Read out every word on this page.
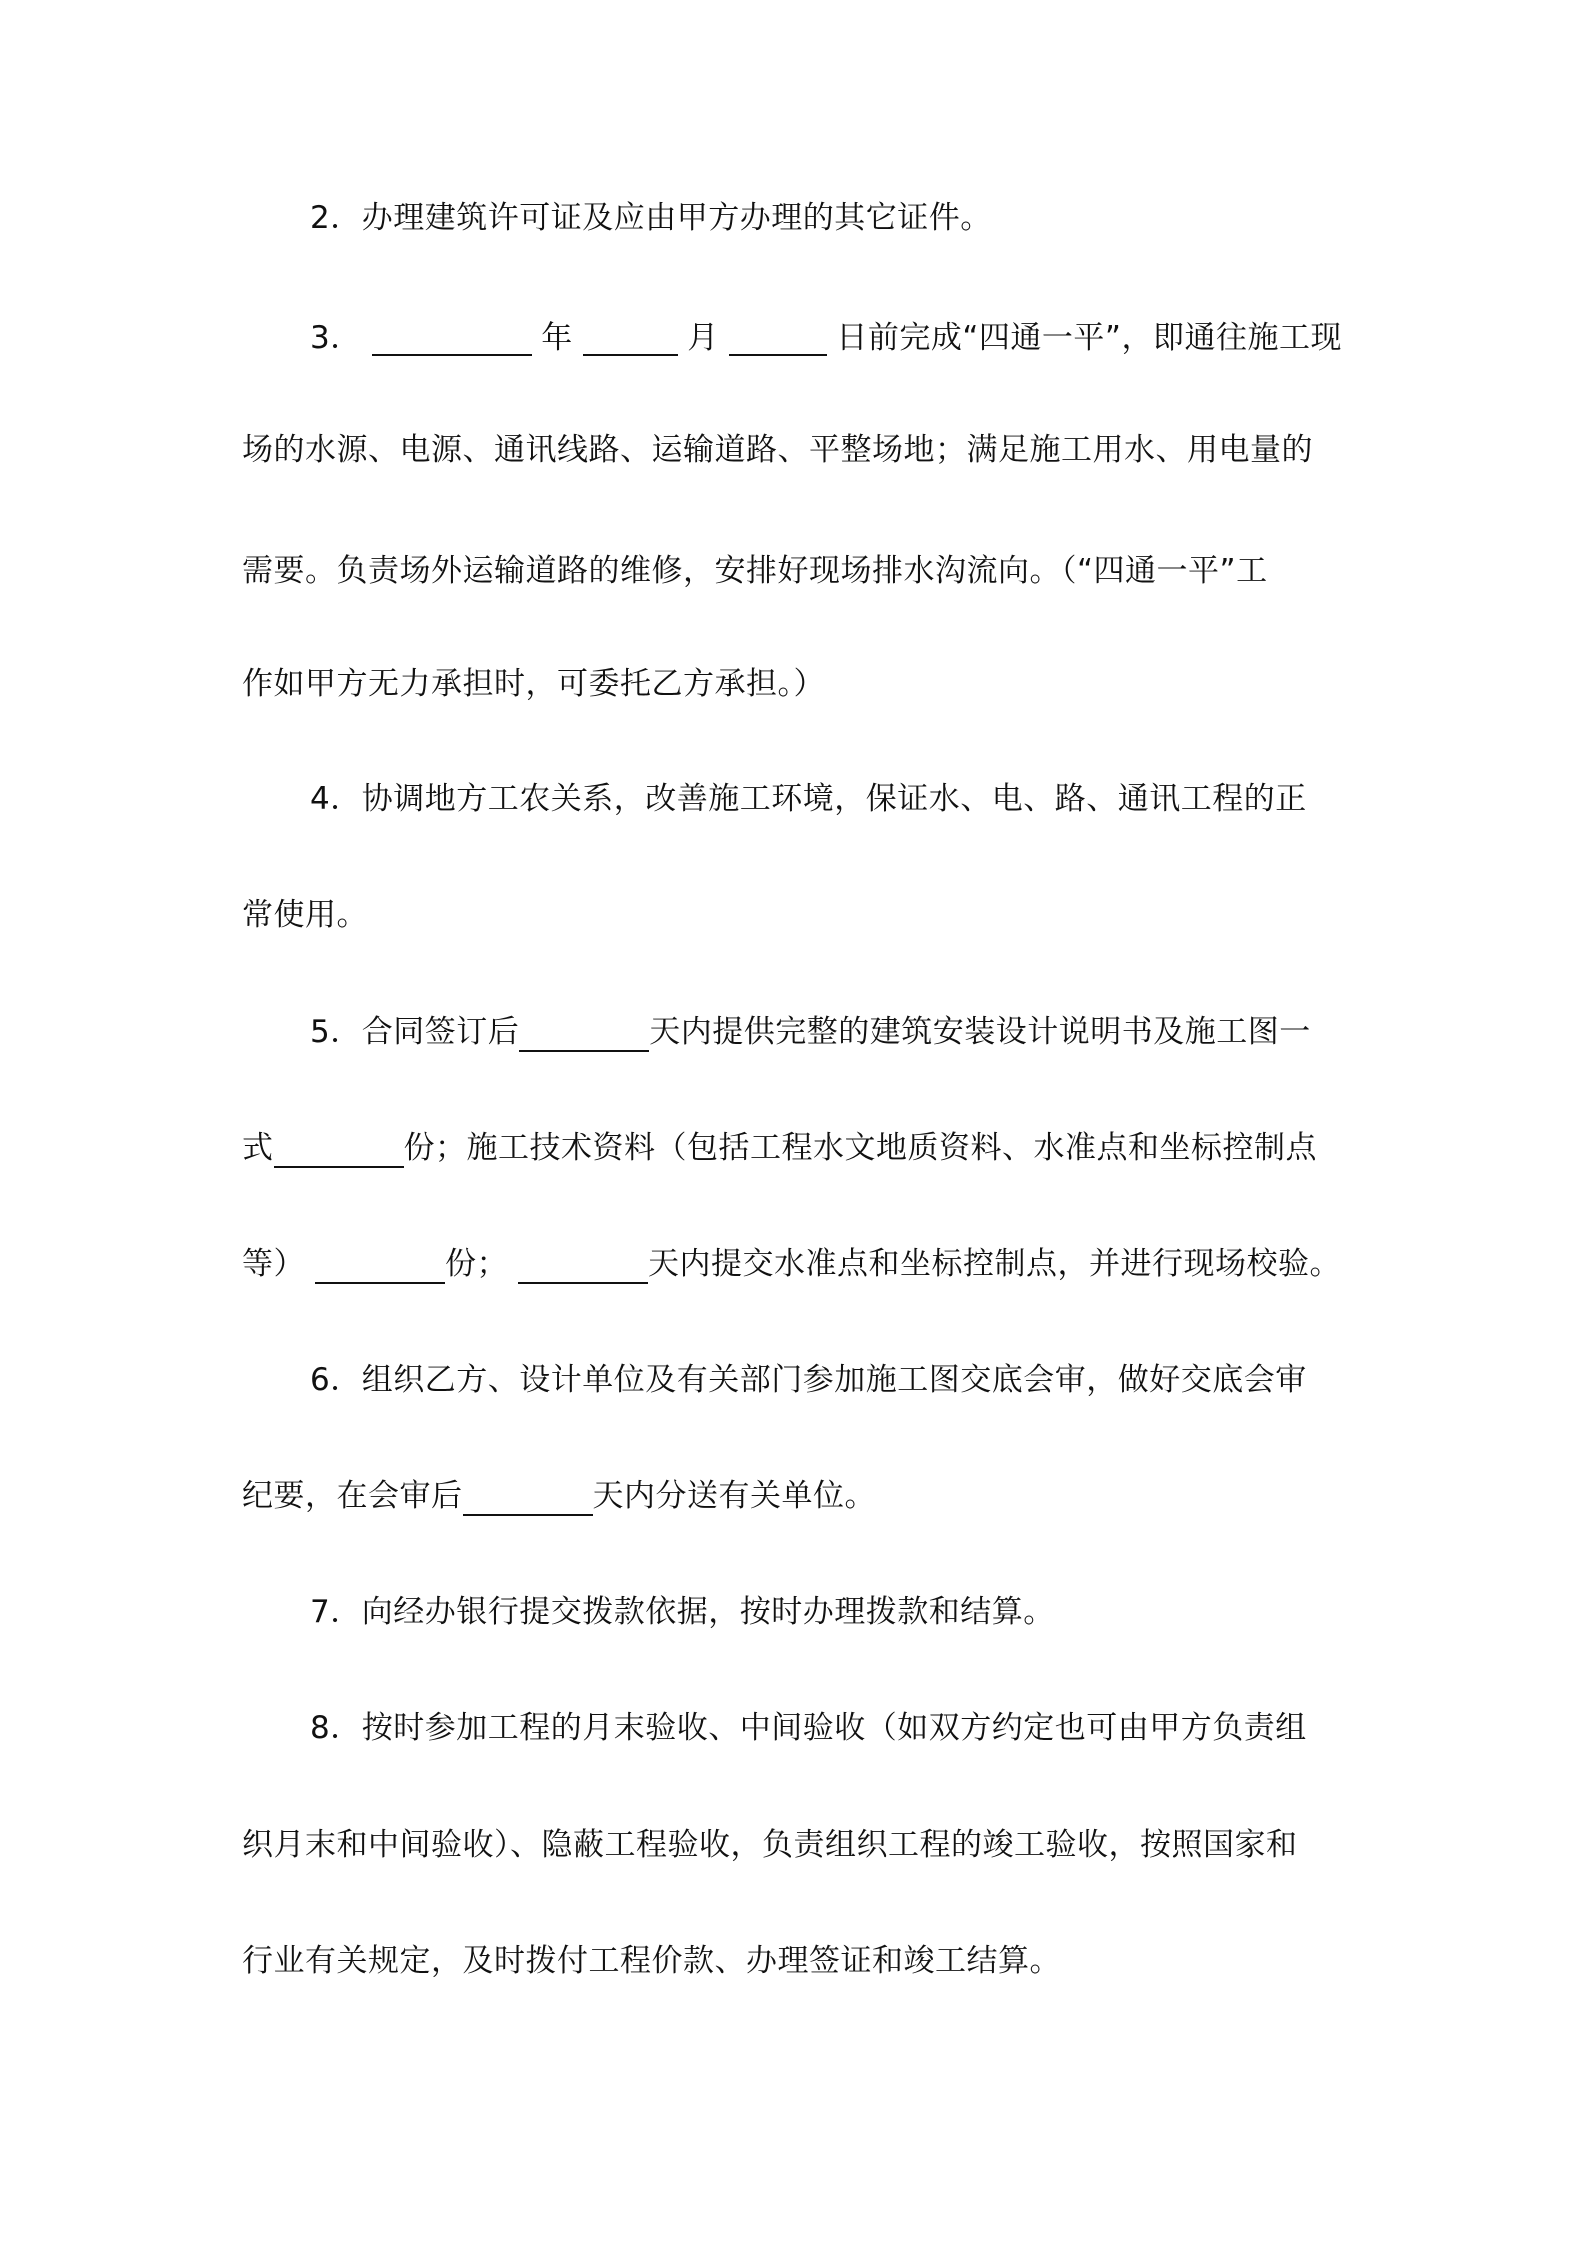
2．办理建筑许可证及应由甲方办理的其它证件。
3．	年	月	日前完成“四通一平”，即通往施工现
场的水源、电源、通讯线路、运输道路、平整场地；满足施工用水、用电量的
需要。负责场外运输道路的维修，安排好现场排水沟流向。（“四通一平”工
作如甲方无力承担时，可委托乙方承担。）
4．协调地方工农关系，改善施工环境，保证水、电、路、通讯工程的正
常使用。
5．合同签订后	天内提供完整的建筑安装设计说明书及施工图一
式	份；施工技术资料（包括工程水文地质资料、水准点和坐标控制点
等）	份；	天内提交水准点和坐标控制点，并进行现场校验。
6．组织乙方、设计单位及有关部门参加施工图交底会审，做好交底会审
纪要，在会审后	天内分送有关单位。
7．向经办银行提交拨款依据，按时办理拨款和结算。
8．按时参加工程的月末验收、中间验收（如双方约定也可由甲方负责组
织月末和中间验收）、隐蔽工程验收，负责组织工程的竣工验收，按照国家和
行业有关规定，及时拨付工程价款、办理签证和竣工结算。
